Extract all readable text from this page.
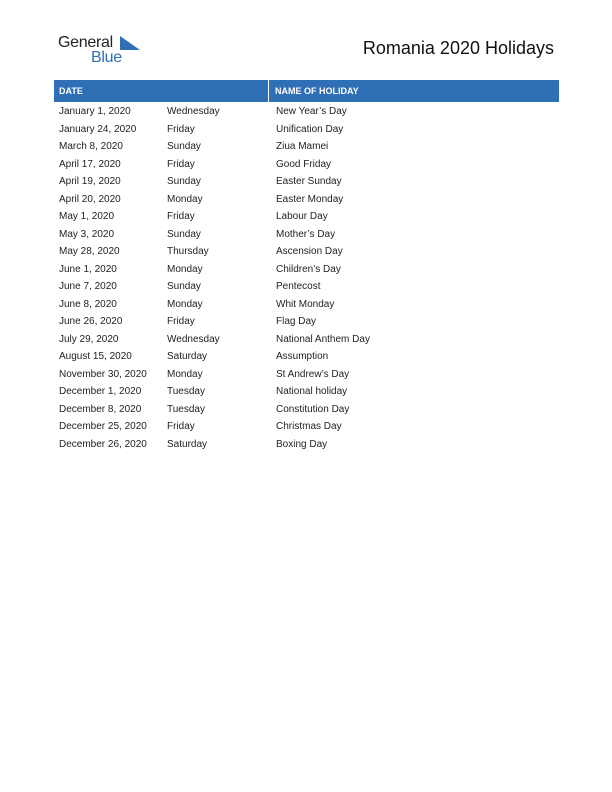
General
Blue	Romania 2020 Holidays
DATE	NAME OF HOLIDAY
January 1, 2020	Wednesday	New Year’s Day
January 24, 2020	Friday	Unification Day
March 8, 2020	Sunday	Ziua Mamei
April 17, 2020	Friday	Good Friday
April 19, 2020	Sunday	Easter Sunday
April 20, 2020	Monday	Easter Monday
May 1, 2020	Friday	Labour Day
May 3, 2020	Sunday	Mother’s Day
May 28, 2020	Thursday	Ascension Day
June 1, 2020	Monday	Children’s Day
June 7, 2020	Sunday	Pentecost
June 8, 2020	Monday	Whit Monday
June 26, 2020	Friday	Flag Day
July 29, 2020	Wednesday	National Anthem Day
August 15, 2020	Saturday	Assumption
November 30, 2020	Monday	St Andrew’s Day
December 1, 2020	Tuesday	National holiday
December 8, 2020	Tuesday	Constitution Day
December 25, 2020	Friday	Christmas Day
December 26, 2020	Saturday	Boxing Day
